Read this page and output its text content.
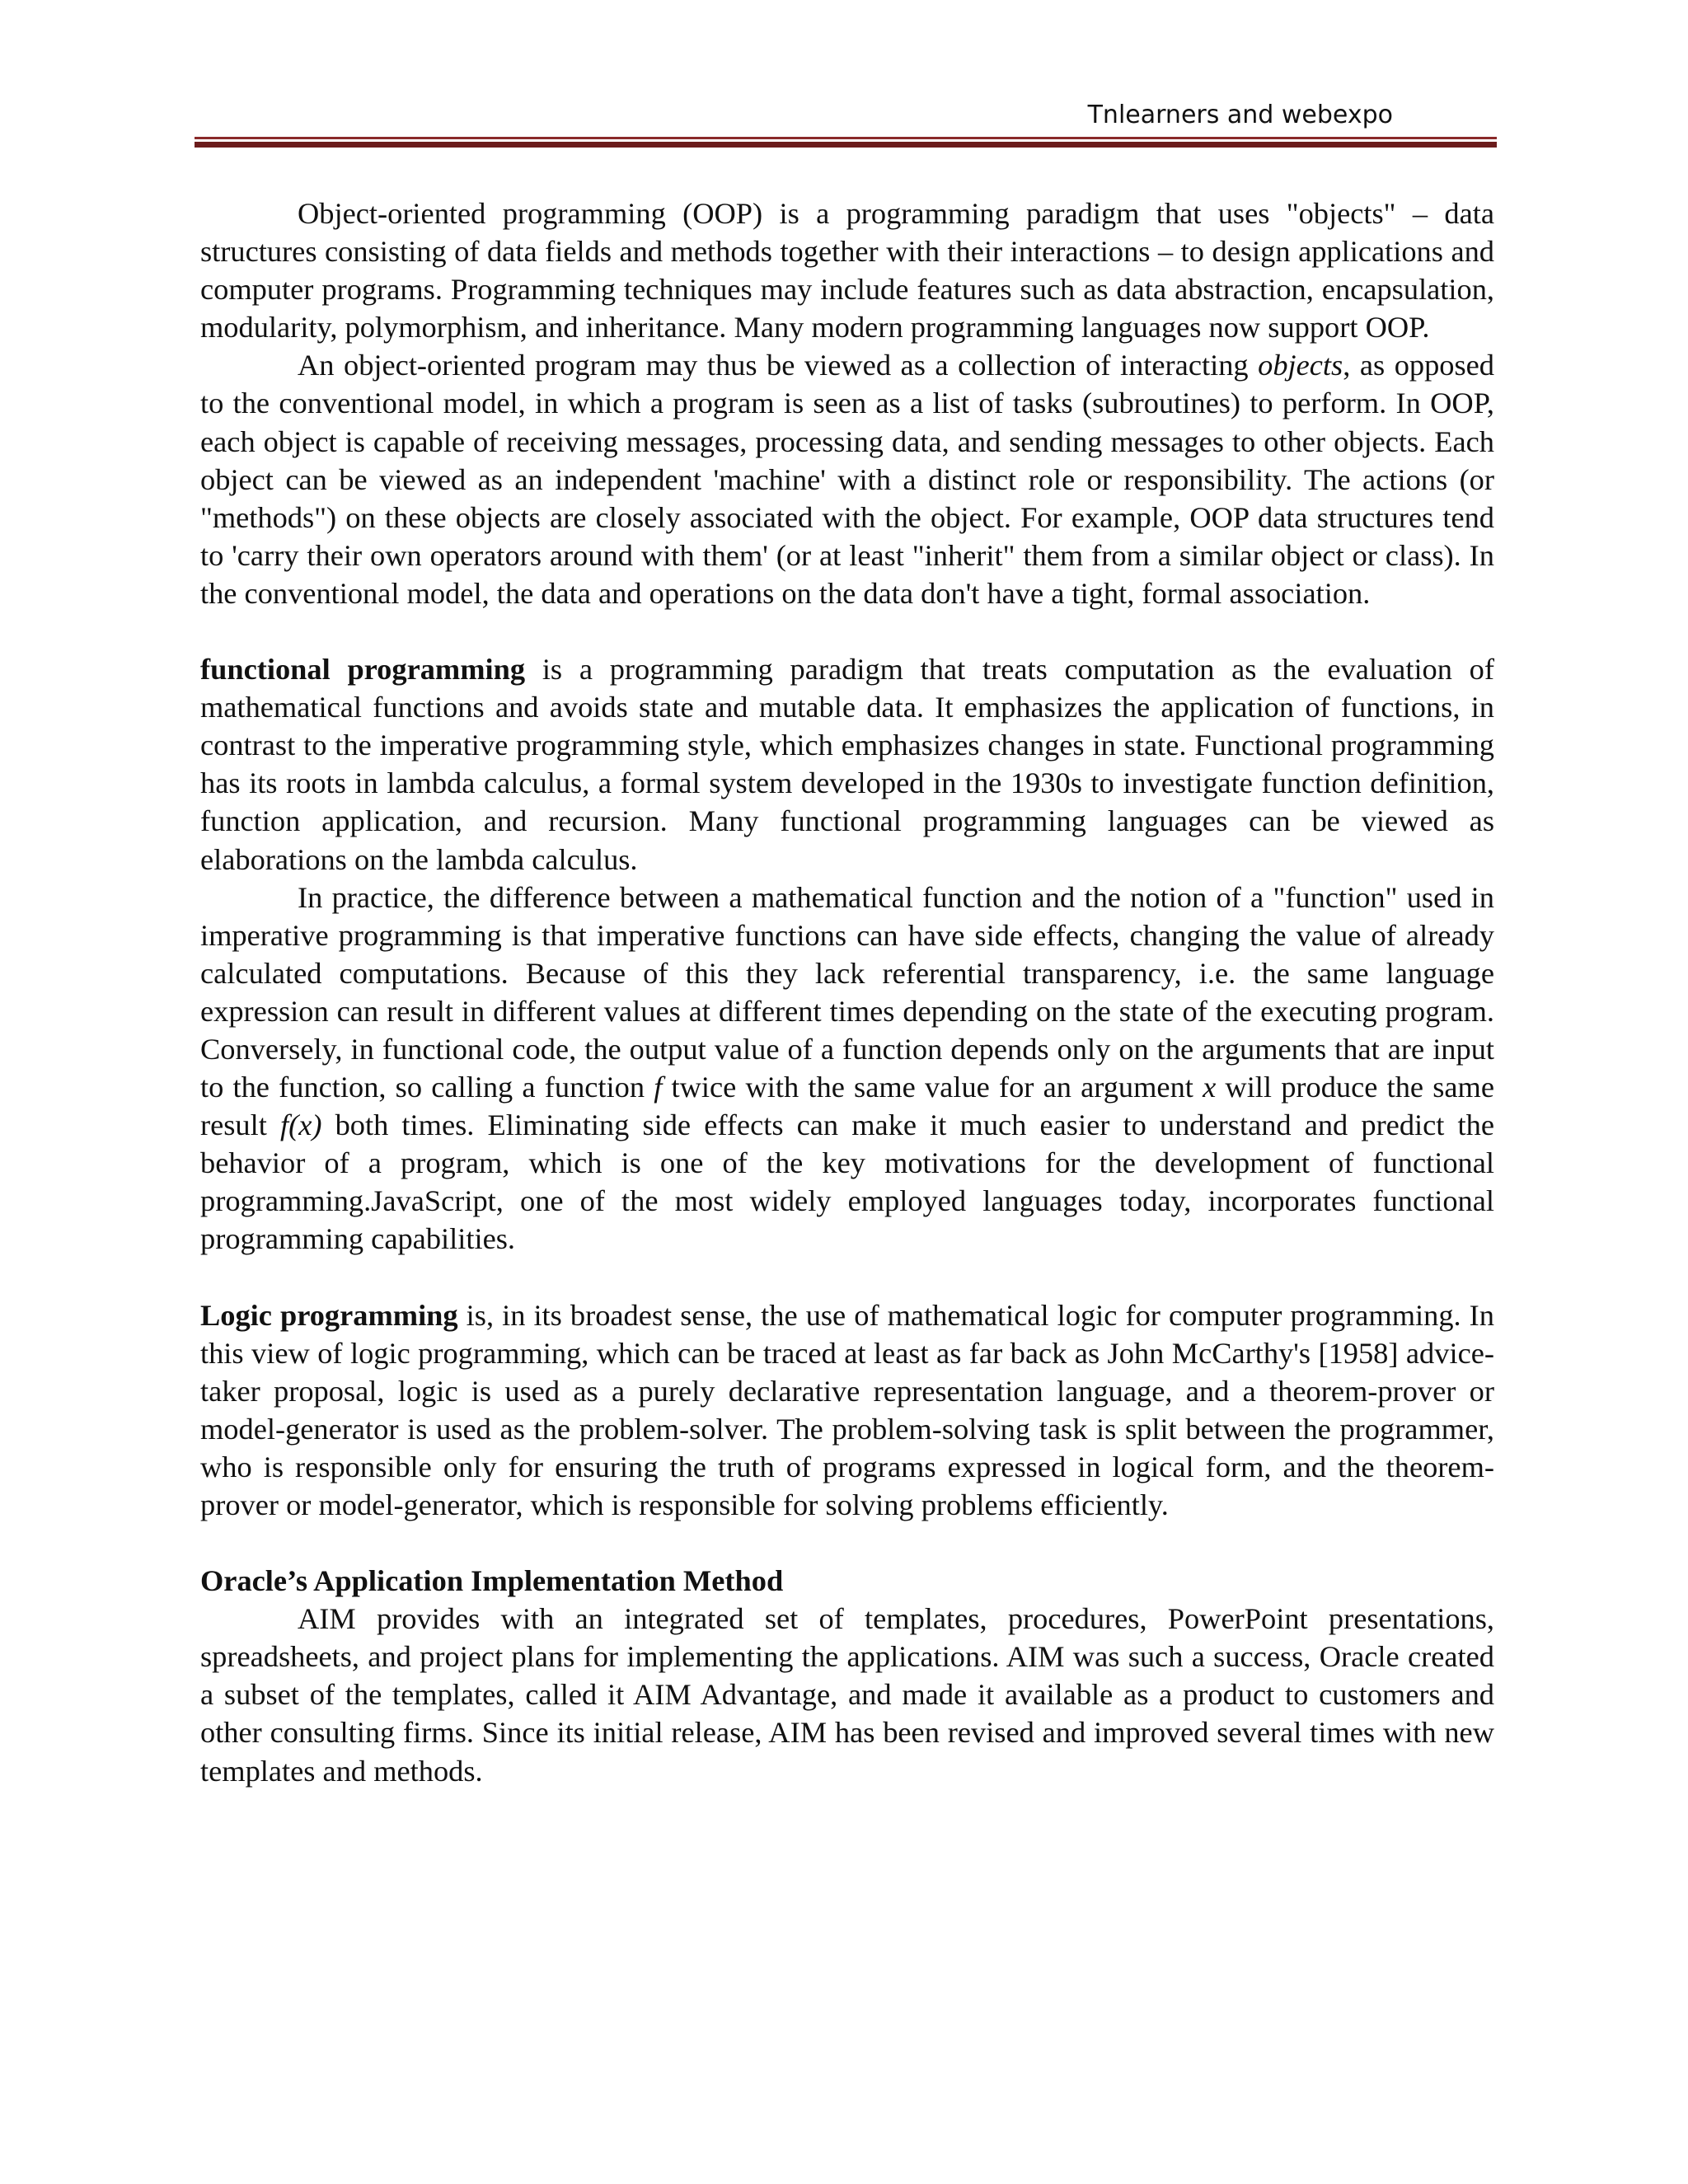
Tnlearners and webexpo

Object-oriented programming (OOP) is a programming paradigm that uses "objects" – data structures consisting of data fields and methods together with their interactions – to design applications and computer programs. Programming techniques may include features such as data abstraction, encapsulation, modularity, polymorphism, and inheritance. Many modern programming languages now support OOP.

An object-oriented program may thus be viewed as a collection of interacting objects, as opposed to the conventional model, in which a program is seen as a list of tasks (subroutines) to perform. In OOP, each object is capable of receiving messages, processing data, and sending messages to other objects. Each object can be viewed as an independent 'machine' with a distinct role or responsibility. The actions (or "methods") on these objects are closely associated with the object. For example, OOP data structures tend to 'carry their own operators around with them' (or at least "inherit" them from a similar object or class). In the conventional model, the data and operations on the data don't have a tight, formal association.

functional programming is a programming paradigm that treats computation as the evaluation of mathematical functions and avoids state and mutable data. It emphasizes the application of functions, in contrast to the imperative programming style, which emphasizes changes in state. Functional programming has its roots in lambda calculus, a formal system developed in the 1930s to investigate function definition, function application, and recursion. Many functional programming languages can be viewed as elaborations on the lambda calculus.

In practice, the difference between a mathematical function and the notion of a "function" used in imperative programming is that imperative functions can have side effects, changing the value of already calculated computations. Because of this they lack referential transparency, i.e. the same language expression can result in different values at different times depending on the state of the executing program. Conversely, in functional code, the output value of a function depends only on the arguments that are input to the function, so calling a function f twice with the same value for an argument x will produce the same result f(x) both times. Eliminating side effects can make it much easier to understand and predict the behavior of a program, which is one of the key motivations for the development of functional programming.JavaScript, one of the most widely employed languages today, incorporates functional programming capabilities.

Logic programming is, in its broadest sense, the use of mathematical logic for computer programming. In this view of logic programming, which can be traced at least as far back as John McCarthy's [1958] advice-taker proposal, logic is used as a purely declarative representation language, and a theorem-prover or model-generator is used as the problem-solver. The problem-solving task is split between the programmer, who is responsible only for ensuring the truth of programs expressed in logical form, and the theorem-prover or model-generator, which is responsible for solving problems efficiently.

Oracle’s Application Implementation Method

AIM provides with an integrated set of templates, procedures, PowerPoint presentations, spreadsheets, and project plans for implementing the applications. AIM was such a success, Oracle created a subset of the templates, called it AIM Advantage, and made it available as a product to customers and other consulting firms. Since its initial release, AIM has been revised and improved several times with new templates and methods.
